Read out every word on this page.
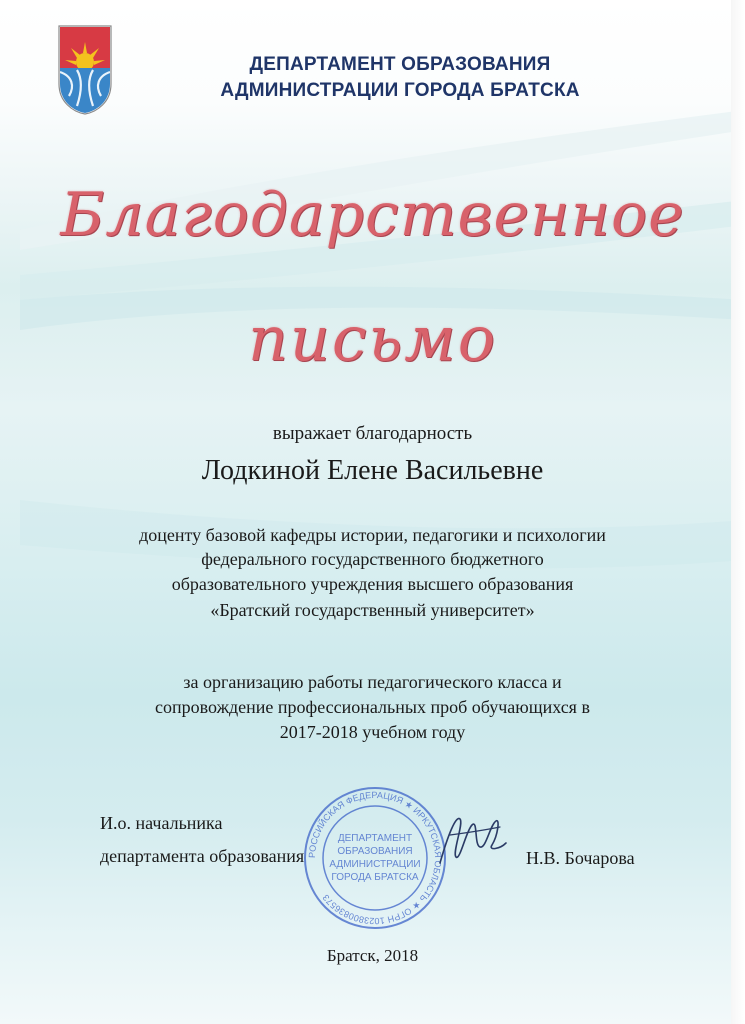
ДЕПАРТАМЕНТ ОБРАЗОВАНИЯ
АДМИНИСТРАЦИИ ГОРОДА БРАТСКА
Благодарственное
письмо
выражает благодарность
Лодкиной Елене Васильевне
доценту базовой кафедры истории, педагогики и психологии
федерального государственного бюджетного
образовательного учреждения высшего образования
«Братский государственный университет»
за организацию работы педагогического класса и
сопровождение профессиональных проб обучающихся в
2017-2018 учебном году
И.о. начальника
департамента образования	Н.В. Бочарова
РОССИЙСКАЯ ФЕДЕРАЦИЯ ★ ИРКУТСКАЯ ОБЛАСТЬ ★ ОГРН 1023800836573
ДЕПАРТАМЕНТ
ОБРАЗОВАНИЯ
АДМИНИСТРАЦИИ
ГОРОДА БРАТСКА
Братск, 2018
